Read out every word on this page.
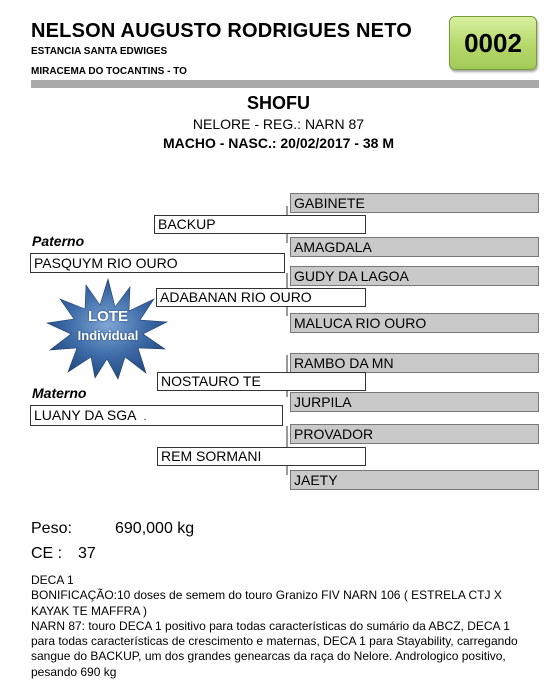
NELSON AUGUSTO RODRIGUES NETO
ESTANCIA SANTA EDWIGES
MIRACEMA DO TOCANTINS - TO
0002
SHOFU
NELORE - REG.: NARN 87
MACHO - NASC.: 20/02/2017 - 38 M
GABINETE
AMAGDALA
GUDY DA LAGOA
MALUCA RIO OURO
RAMBO DA MN
JURPILA
PROVADOR
JAETY
BACKUP
ADABANAN RIO OURO
NOSTAURO TE
REM SORMANI
Paterno
PASQUYM RIO OURO
Materno
LUANY DA SGA .
LOTE
Individual
Peso:	690,000 kg
CE : 37

DECA 1

BONIFICAÇÃO:10 doses de semem do touro Granizo FIV NARN 106 ( ESTRELA CTJ X KAYAK TE MAFFRA )

NARN 87: touro DECA 1 positivo para todas características do sumário da ABCZ, DECA 1 para todas características de crescimento e maternas, DECA 1 para Stayability, carregando sangue do BACKUP, um dos grandes genearcas da raça do Nelore. Andrologico positivo, pesando 690 kg
